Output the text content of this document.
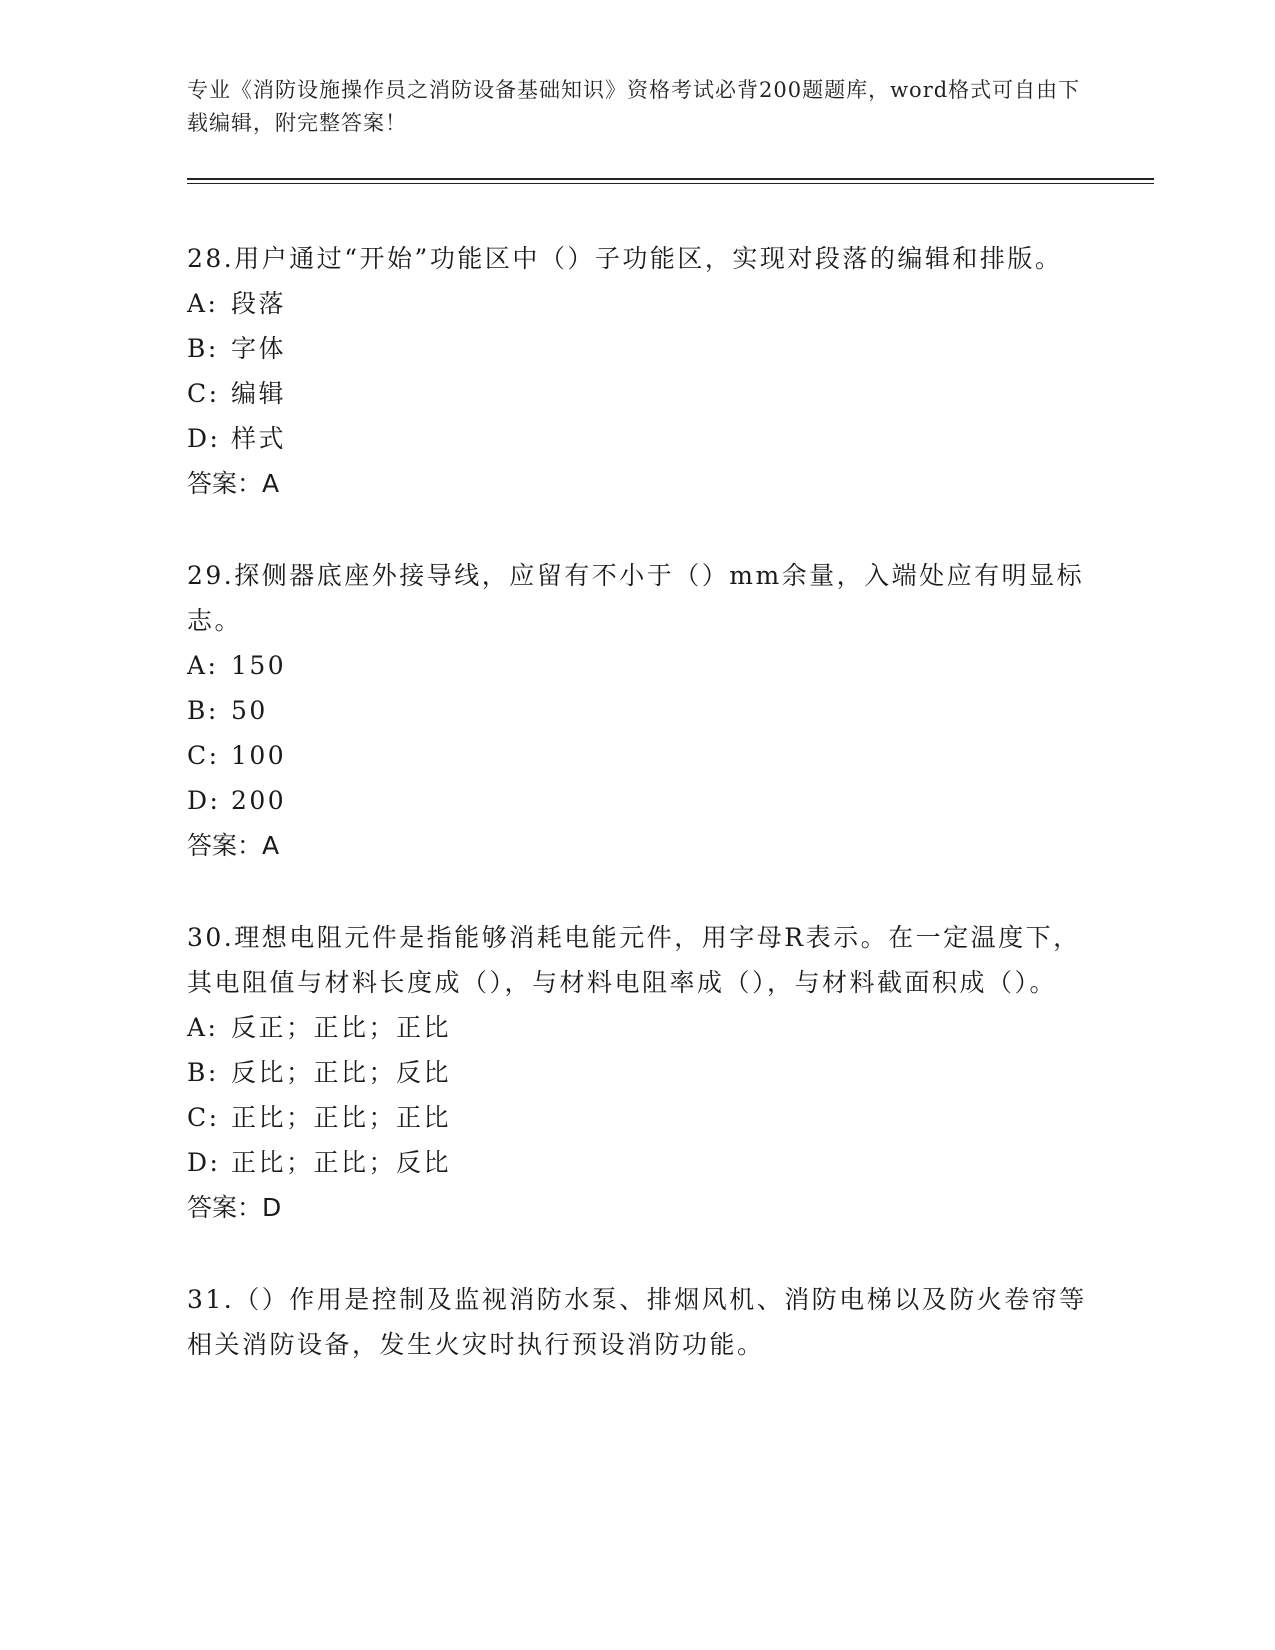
专业《消防设施操作员之消防设备基础知识》资格考试必背200题题库，word格式可自由下载编辑，附完整答案！

28.用户通过“开始”功能区中（）子功能区，实现对段落的编辑和排版。

A: 段落

B: 字体

C: 编辑

D: 样式

答案：A

29.探侧器底座外接导线，应留有不小于（）mm余量，入端处应有明显标志。

A: 150

B: 50

C: 100

D: 200

答案：A

30.理想电阻元件是指能够消耗电能元件，用字母R表示。在一定温度下，其电阻值与材料长度成（），与材料电阻率成（），与材料截面积成（）。

A: 反正；正比；正比

B: 反比；正比；反比

C: 正比；正比；正比

D: 正比；正比；反比

答案：D

31.（）作用是控制及监视消防水泵、排烟风机、消防电梯以及防火卷帘等相关消防设备，发生火灾时执行预设消防功能。
